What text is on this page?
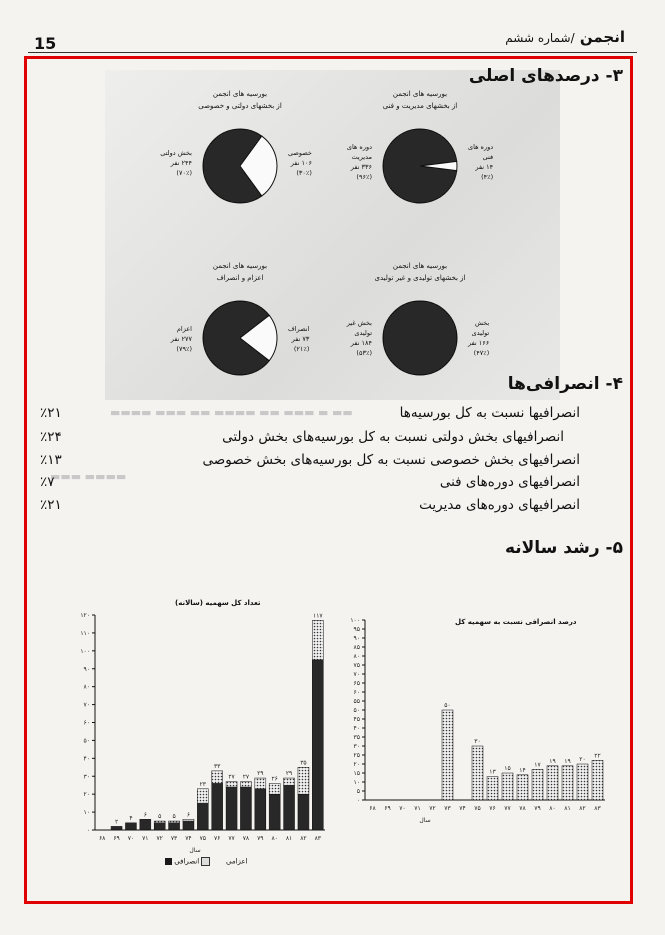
15	انجمن /شماره ششم
▬▬ ▬ ▬▬▬ ▬▬ ▬▬▬▬ ▬▬ ▬▬▬ ▬▬▬▬
▬▬▬▬ ▬▬▬
۳- درصدهای اصلی
بورسیه های انجمن
از بخشهای دولتی و خصوصی
بخش دولتی
۲۴۴ نفر
(۷۰٪)
خصوصی
۱۰۶ نفر
(۳۰٪)
بورسیه های انجمن
از بخشهای مدیریت و فنی
دوره های
مدیریت
۳۳۶ نفر
(۹۶٪)
دوره های
فنی
۱۴ نفر
(۴٪)
بورسیه های انجمن
اعزام و انصراف
اعزام
۲۷۷ نفر
(۷۹٪)
انصراف
۷۳ نفر
(۲۱٪)
بورسیه های انجمن
از بخشهای تولیدی و غیر تولیدی
بخش غیر
تولیدی
۱۸۴ نفر
(۵۳٪)
بخش
تولیدی
۱۶۶ نفر
(۴۷٪)
۴- انصرافی‌ها
انصرافیها نسبت به کل بورسیه‌ها
٪۲۱
انصرافیهای بخش دولتی نسبت به کل بورسیه‌های بخش دولتی
٪۲۴
انصرافیهای بخش خصوصی نسبت به کل بورسیه‌های بخش خصوصی
٪۱۳
انصرافیهای دوره‌های فنی
٪۷
انصرافیهای دوره‌های مدیریت
٪۲۱
۵- رشد سالانه
تعداد کل سهمیه (سالانه)
۰
۱۰
۲۰
۳۰
۴۰
۵۰
۶۰
۷۰
۸۰
۹۰
۱۰۰
۱۱۰
۱۲۰
۶۸ ۶۹
۲
۷۰
۴
۷۱
۶
۷۲
۵
۷۳
۵
۷۴
۶
۷۵
۲۳
۷۶
۳۳
۷۷
۲۷
۷۸
۲۷
۷۹
۲۹
۸۰
۲۶
۸۱
۲۹
۸۲
۳۵
۸۳
۱۱۷
سال
اعزامی        انصرافی
درصد انصرافی نسبت به سهمیه کل
۰
۵
۱۰
۱۵
۲۰
۲۵
۳۰
۳۵
۴۰
۴۵
۵۰
۵۵
۶۰
۶۵
۷۰
۷۵
۸۰
۸۵
۹۰
۹۵
۱۰۰
۶۸ ۶۹ ۷۰ ۷۱ ۷۲ ۷۳
۵۰
۷۴ ۷۵
۳۰
۷۶
۱۳
۷۷
۱۵
۷۸
۱۴
۷۹
۱۷
۸۰
۱۹
۸۱
۱۹
۸۲
۲۰
۸۳
۲۲
سال
